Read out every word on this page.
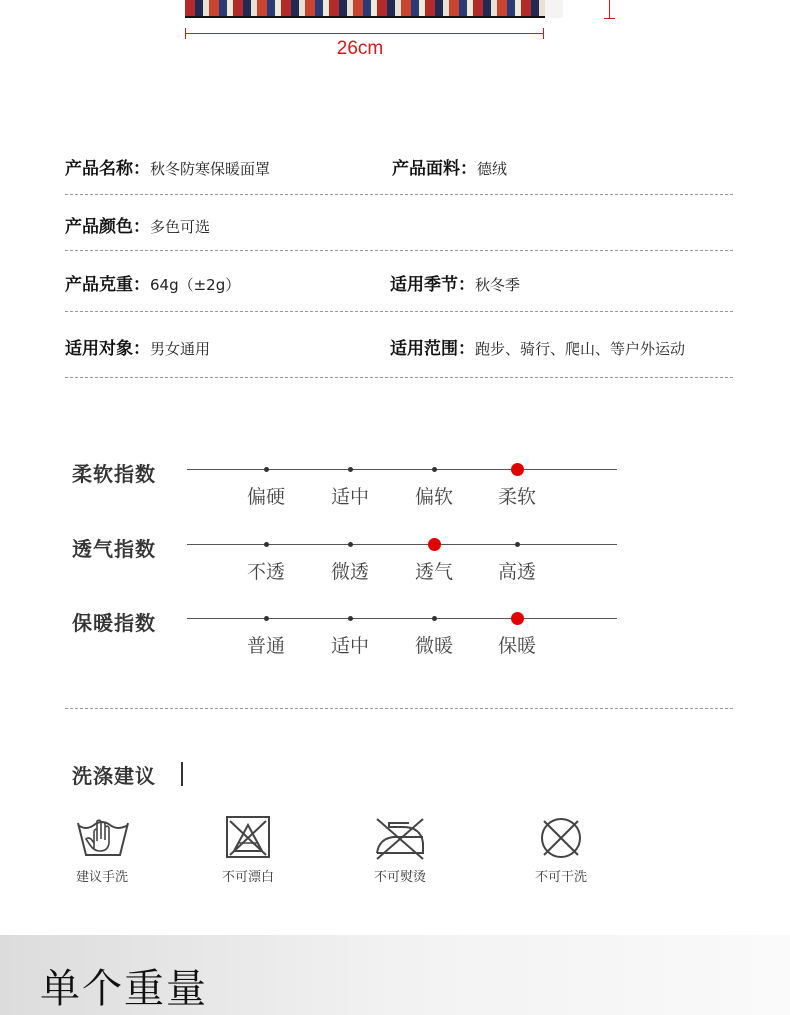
26cm
产品名称：秋冬防寒保暖面罩	产品面料：德绒
产品颜色：多色可选
产品克重：64g（±2g）	适用季节：秋冬季
适用对象：男女通用	适用范围：跑步、骑行、爬山、等户外运动
柔软指数
偏硬	适中	偏软	柔软
透气指数
不透	微透	透气	高透
保暖指数
普通	适中	微暖	保暖
洗涤建议
建议手洗	不可漂白	不可熨烫	不可干洗
单个重量
